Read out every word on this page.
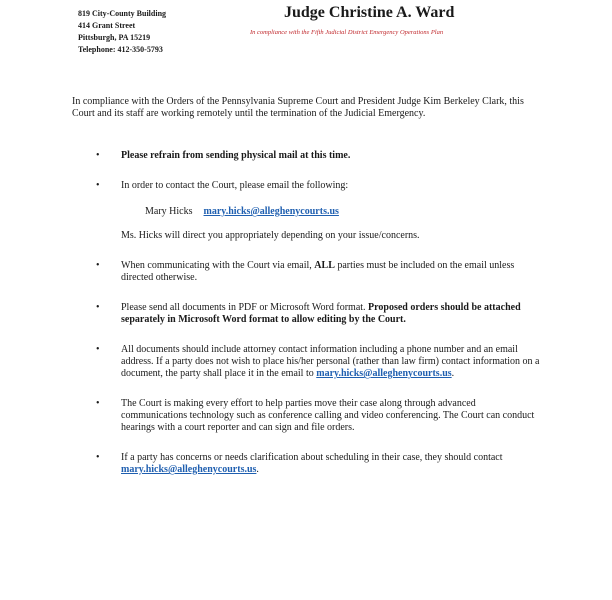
819 City-County Building
414 Grant Street
Pittsburgh, PA 15219
Telephone: 412-350-5793
Judge Christine A. Ward
In compliance with the Fifth Judicial District Emergency Operations Plan
In compliance with the Orders of the Pennsylvania Supreme Court and President Judge Kim Berkeley Clark, this Court and its staff are working remotely until the termination of the Judicial Emergency.
• Please refrain from sending physical mail at this time.
• In order to contact the Court, please email the following:
Mary Hicks mary.hicks@alleghenycourts.us
Ms. Hicks will direct you appropriately depending on your issue/concerns.
• When communicating with the Court via email, ALL parties must be included on the email unless directed otherwise.
• Please send all documents in PDF or Microsoft Word format. Proposed orders should be attached separately in Microsoft Word format to allow editing by the Court.
• All documents should include attorney contact information including a phone number and an email address. If a party does not wish to place his/her personal (rather than law firm) contact information on a document, the party shall place it in the email to mary.hicks@alleghenycourts.us.
• The Court is making every effort to help parties move their case along through advanced communications technology such as conference calling and video conferencing. The Court can conduct hearings with a court reporter and can sign and file orders.
• If a party has concerns or needs clarification about scheduling in their case, they should contact mary.hicks@alleghenycourts.us.
